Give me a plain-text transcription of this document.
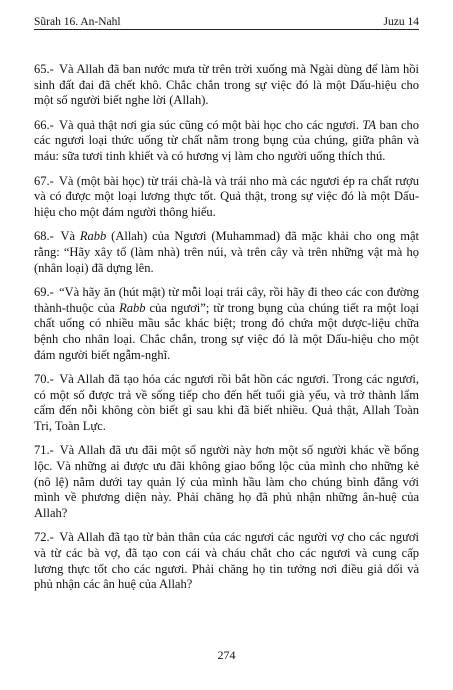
Sũrah 16. An-Nahl	Juzu 14

65.- Và Allah đã ban nước mưa từ trên trời xuống mà Ngài dùng để làm hồi sinh đất đai đã chết khô. Chắc chắn trong sự việc đó là một Dấu-hiệu cho một số người biết nghe lời (Allah).

66.- Và quả thật nơi gia súc cũng có một bài học cho các ngươi. TA ban cho các ngươi loại thức uống từ chất nằm trong bụng của chúng, giữa phân và máu: sữa tươi tinh khiết và có hương vị làm cho người uống thích thú.

67.- Và (một bài học) từ trái chà-là và trái nho mà các ngươi ép ra chất rượu và có được một loại lương thực tốt. Quả thật, trong sự việc đó là một Dấu-hiệu cho một đám người thông hiểu.

68.- Và Rabb (Allah) của Ngươi (Muhammad) đã mặc khải cho ong mật rằng: “Hãy xây tổ (làm nhà) trên núi, và trên cây và trên những vật mà họ (nhân loại) đã dựng lên.

69.- “Và hãy ăn (hút mật) từ mỗi loại trái cây, rồi hãy đi theo các con đường thành-thuộc của Rabb của ngươi”; từ trong bụng của chúng tiết ra một loại chất uống có nhiều mầu sắc khác biệt; trong đó chứa một dược-liệu chữa bệnh cho nhân loại. Chắc chắn, trong sự việc đó là một Dấu-hiệu cho một đám người biết ngẫm-nghĩ.

70.- Và Allah đã tạo hóa các ngươi rồi bắt hồn các ngươi. Trong các ngươi, có một số được trả về sống tiếp cho đến hết tuổi già yếu, và trở thành lẩm cẩm đến nỗi không còn biết gì sau khi đã biết nhiều. Quả thật, Allah Toàn Tri, Toàn Lực.

71.- Và Allah đã ưu đãi một số người này hơn một số người khác về bổng lộc. Và những ai được ưu đãi không giao bổng lộc của mình cho những kẻ (nô lệ) nằm dưới tay quản lý của mình hầu làm cho chúng bình đẳng với mình về phương diện này. Phải chăng họ đã phủ nhận những ân-huệ của Allah?

72.- Và Allah đã tạo từ bản thân của các ngươi các người vợ cho các ngươi và từ các bà vợ, đã tạo con cái và cháu chắt cho các ngươi và cung cấp lương thực tốt cho các ngươi. Phải chăng họ tin tưởng nơi điều giả dối và phủ nhận các ân huệ của Allah?

274
